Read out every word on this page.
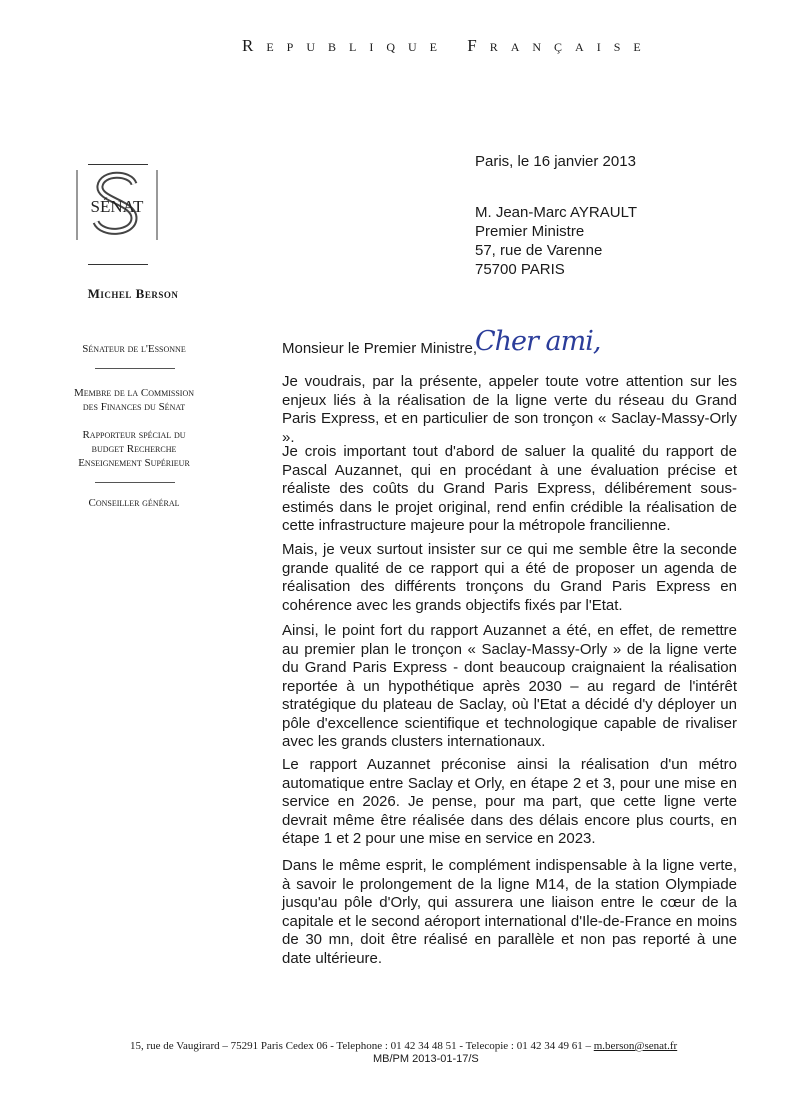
Republique Française
SÉNAT
Michel Berson
Sénateur de l'Essonne
Membre de la Commission
des Finances du Sénat
Rapporteur spécial du
budget Recherche
Enseignement Supérieur
Conseiller général
Paris, le 16 janvier 2013
M. Jean-Marc AYRAULT
Premier Ministre
57, rue de Varenne
75700 PARIS
Monsieur le Premier Ministre,
Cher ami,
Je voudrais, par la présente, appeler toute votre attention sur les enjeux liés à la réalisation de la ligne verte du réseau du Grand Paris Express, et en particulier de son tronçon « Saclay-Massy-Orly ».
Je crois important tout d'abord de saluer la qualité du rapport de Pascal Auzannet, qui en procédant à une évaluation précise et réaliste des coûts du Grand Paris Express, délibérement sous-estimés dans le projet original, rend enfin crédible la réalisation de cette infrastructure majeure pour la métropole francilienne.
Mais, je veux surtout insister sur ce qui me semble être la seconde grande qualité de ce rapport qui a été de proposer un agenda de réalisation des différents tronçons du Grand Paris Express en cohérence avec les grands objectifs fixés par l'Etat.
Ainsi, le point fort du rapport Auzannet a été, en effet, de remettre au premier plan le tronçon « Saclay-Massy-Orly » de la ligne verte du Grand Paris Express - dont beaucoup craignaient la réalisation reportée à un hypothétique après 2030 – au regard de l'intérêt stratégique du plateau de Saclay, où l'Etat a décidé d'y déployer un pôle d'excellence scientifique et technologique capable de rivaliser avec les grands clusters internationaux.
Le rapport Auzannet préconise ainsi la réalisation d'un métro automatique entre Saclay et Orly, en étape 2 et 3, pour une mise en service en 2026. Je pense, pour ma part, que cette ligne verte devrait même être réalisée dans des délais encore plus courts, en étape 1 et 2 pour une mise en service en 2023.
Dans le même esprit, le complément indispensable à la ligne verte, à savoir le prolongement de la ligne M14, de la station Olympiade jusqu'au pôle d'Orly, qui assurera une liaison entre le cœur de la capitale et le second aéroport international d'Ile-de-France en moins de 30 mn, doit être réalisé en parallèle et non pas reporté à une date ultérieure.
15, rue de Vaugirard – 75291 Paris Cedex 06 - Telephone : 01 42 34 48 51 - Telecopie : 01 42 34 49 61 – m.berson@senat.fr
MB/PM 2013-01-17/S
